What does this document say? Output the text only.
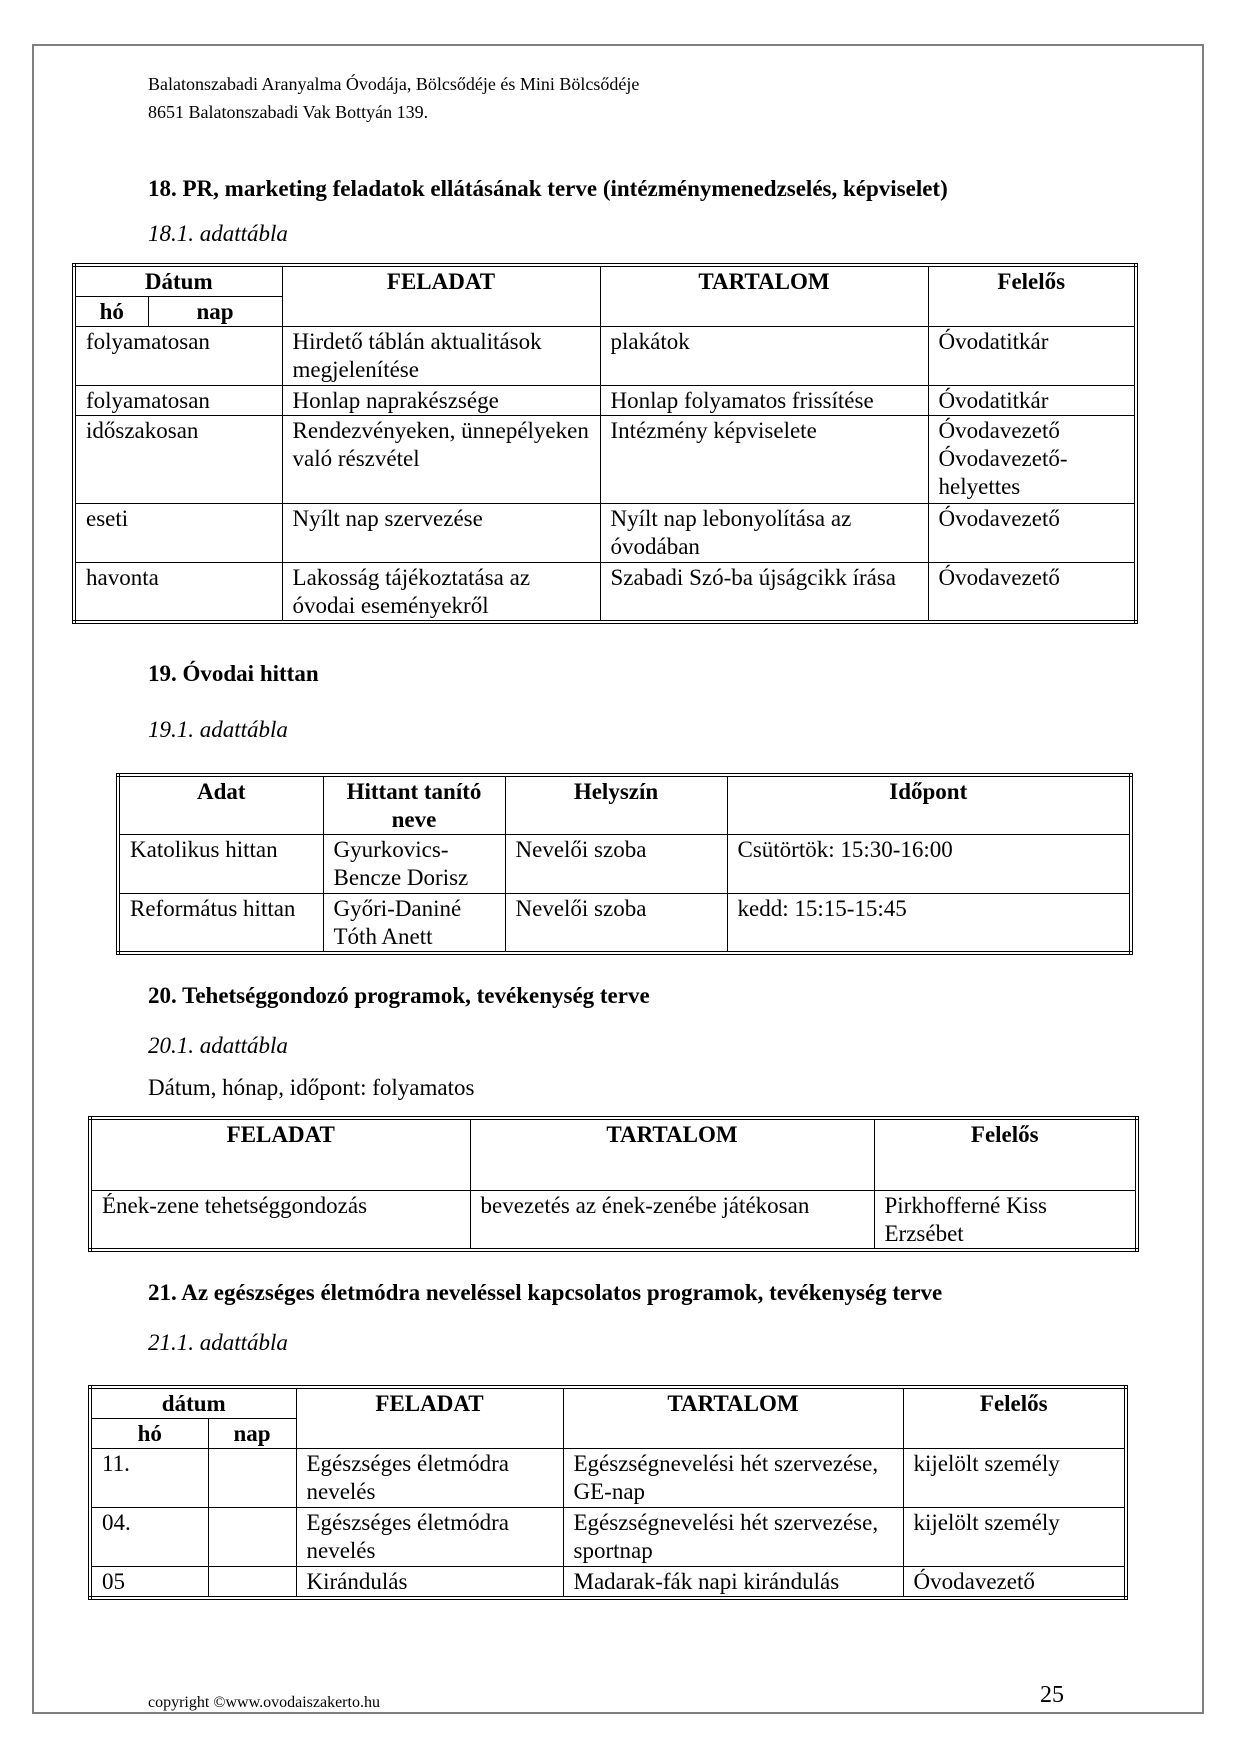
Balatonszabadi Aranyalma Óvodája, Bölcsődéje és Mini Bölcsődéje
8651 Balatonszabadi Vak Bottyán 139.
18. PR, marketing feladatok ellátásának terve (intézménymenedzselés, képviselet)
18.1. adattábla
Dátum		FELADAT	TARTALOM	Felelős
hó	nap			
folyamatosan		Hirdető táblán aktualitások megjelenítése	plakátok	Óvodatitkár
folyamatosan		Honlap naprakészsége	Honlap folyamatos frissítése	Óvodatitkár
időszakosan		Rendezvényeken, ünnepélyeken való részvétel	Intézmény képviselete	Óvodavezető Óvodavezető-helyettes
eseti		Nyílt nap szervezése	Nyílt nap lebonyolítása az óvodában	Óvodavezető
havonta		Lakosság tájékoztatása az óvodai eseményekről	Szabadi Szó-ba újságcikk írása	Óvodavezető
19. Óvodai hittan
19.1. adattábla
Adat	Hittant tanító neve	Helyszín	Időpont
Katolikus hittan	Gyurkovics-Bencze Dorisz	Nevelői szoba	Csütörtök: 15:30-16:00
Református hittan	Győri-Daniné Tóth Anett	Nevelői szoba	kedd: 15:15-15:45
20. Tehetséggondozó programok, tevékenység terve
20.1. adattábla
Dátum, hónap, időpont: folyamatos
FELADAT	TARTALOM	Felelős
Ének-zene tehetséggondozás	bevezetés az ének-zenébe játékosan	Pirkhofferné Kiss Erzsébet
21. Az egészséges életmódra neveléssel kapcsolatos programok, tevékenység terve
21.1. adattábla
dátum		FELADAT	TARTALOM	Felelős
hó	nap			
11.		Egészséges életmódra nevelés	Egészségnevelési hét szervezése, GE-nap	kijelölt személy
04.		Egészséges életmódra nevelés	Egészségnevelési hét szervezése, sportnap	kijelölt személy
05		Kirándulás	Madarak-fák napi kirándulás	Óvodavezető
copyright ©www.ovodaiszakerto.hu	25
